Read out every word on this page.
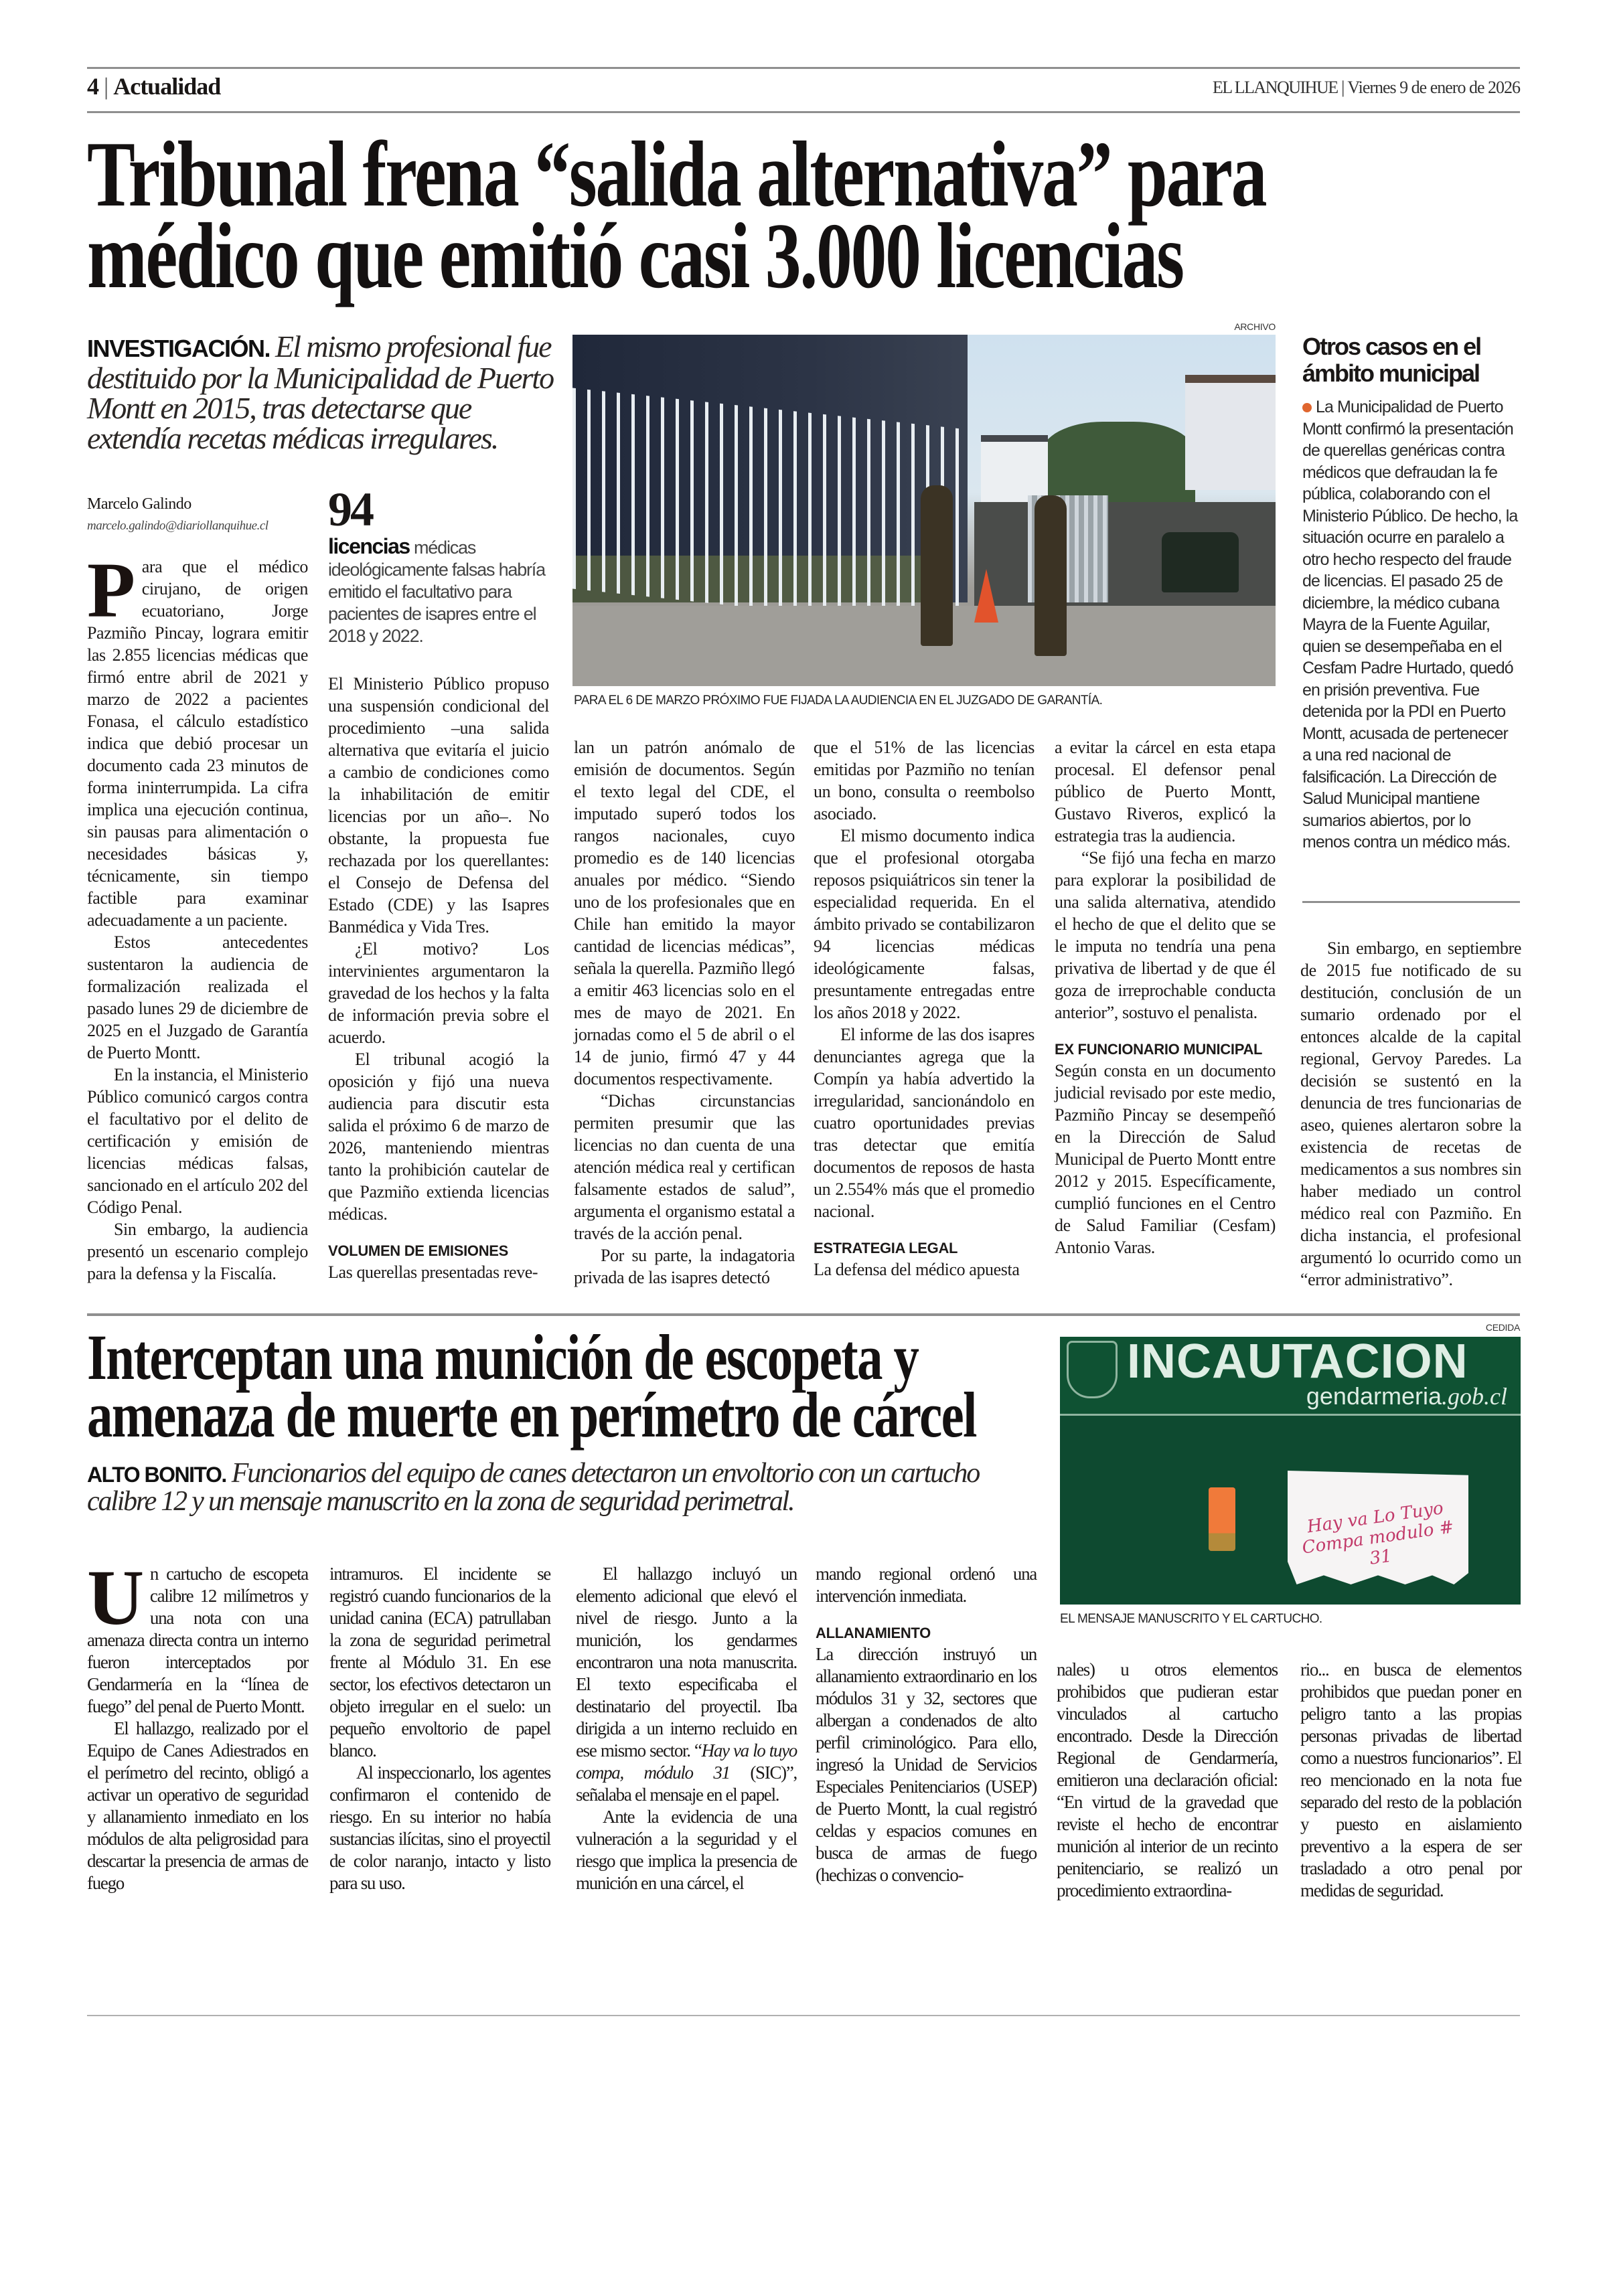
4 | Actualidad	EL LLANQUIHUE | Viernes 9 de enero de 2026
Tribunal frena “salida alternativa” para
médico que emitió casi 3.000 licencias
INVESTIGACIÓN. El mismo profesional fue destituido por la Municipalidad de Puerto Montt en 2015, tras detectarse que extendía recetas médicas irregulares.
Marcelo Galindo
marcelo.galindo@diariollanquihue.cl 94
licencias médicas ideológicamente falsas habría emitido el facultativo para pacientes de isapres entre el 2018 y 2022.

Para que el médico cirujano, de origen ecuatoriano, Jorge Pazmiño Pincay, lograra emitir las 2.855 licencias médicas que firmó entre abril de 2021 y marzo de 2022 a pacientes Fonasa, el cálculo estadístico indica que debió procesar un documento cada 23 minutos de forma ininterrumpida. La cifra implica una ejecución continua, sin pausas para alimentación o necesidades básicas y, técnicamente, sin tiempo factible para examinar adecuadamente a un paciente.

Estos antecedentes sustentaron la audiencia de formalización realizada el pasado lunes 29 de diciembre de 2025 en el Juzgado de Garantía de Puerto Montt.

En la instancia, el Ministerio Público comunicó cargos contra el facultativo por el delito de certificación y emisión de licencias médicas falsas, sancionado en el artículo 202 del Código Penal.

Sin embargo, la audiencia presentó un escenario complejo para la defensa y la Fiscalía.

El Ministerio Público propuso una suspensión condicional del procedimiento –una salida alternativa que evitaría el juicio a cambio de condiciones como la inhabilitación de emitir licencias por un año–. No obstante, la propuesta fue rechazada por los querellantes: el Consejo de Defensa del Estado (CDE) y las Isapres Banmédica y Vida Tres.

¿El motivo? Los intervinientes argumentaron la gravedad de los hechos y la falta de información previa sobre el acuerdo.

El tribunal acogió la oposición y fijó una nueva audiencia para discutir esta salida el próximo 6 de marzo de 2026, manteniendo mientras tanto la prohibición cautelar de que Pazmiño extienda licencias médicas.

VOLUMEN DE EMISIONES

Las querellas presentadas reve-

lan un patrón anómalo de emisión de documentos. Según el texto legal del CDE, el imputado superó todos los rangos nacionales, cuyo promedio es de 140 licencias anuales por médico. “Siendo uno de los profesionales que en Chile han emitido la mayor cantidad de licencias médicas”, señala la querella. Pazmiño llegó a emitir 463 licencias solo en el mes de mayo de 2021. En jornadas como el 5 de abril o el 14 de junio, firmó 47 y 44 documentos respectivamente.

“Dichas circunstancias permiten presumir que las licencias no dan cuenta de una atención médica real y certifican falsamente estados de salud”, argumenta el organismo estatal a través de la acción penal.

Por su parte, la indagatoria privada de las isapres detectó

que el 51% de las licencias emitidas por Pazmiño no tenían un bono, consulta o reembolso asociado.

El mismo documento indica que el profesional otorgaba reposos psiquiátricos sin tener la especialidad requerida. En el ámbito privado se contabilizaron 94 licencias médicas ideológicamente falsas, presuntamente entregadas entre los años 2018 y 2022.

El informe de las dos isapres denunciantes agrega que la Compín ya había advertido la irregularidad, sancionándolo en cuatro oportunidades previas tras detectar que emitía documentos de reposos de hasta un 2.554% más que el promedio nacional.

ESTRATEGIA LEGAL

La defensa del médico apuesta

a evitar la cárcel en esta etapa procesal. El defensor penal público de Puerto Montt, Gustavo Riveros, explicó la estrategia tras la audiencia.

“Se fijó una fecha en marzo para explorar la posibilidad de una salida alternativa, atendido el hecho de que el delito que se le imputa no tendría una pena privativa de libertad y de que él goza de irreprochable conducta anterior”, sostuvo el penalista.

EX FUNCIONARIO MUNICIPAL

Según consta en un documento judicial revisado por este medio, Pazmiño Pincay se desempeñó en la Dirección de Salud Municipal de Puerto Montt entre 2012 y 2015. Específicamente, cumplió funciones en el Centro de Salud Familiar (Cesfam) Antonio Varas.

Sin embargo, en septiembre de 2015 fue notificado de su destitución, conclusión de un sumario ordenado por el entonces alcalde de la capital regional, Gervoy Paredes. La decisión se sustentó en la denuncia de tres funcionarias de aseo, quienes alertaron sobre la existencia de recetas de medicamentos a sus nombres sin haber mediado un control médico real con Pazmiño. En dicha instancia, el profesional argumentó lo ocurrido como un “error administrativo”.

ARCHIVO
PARA EL 6 DE MARZO PRÓXIMO FUE FIJADA LA AUDIENCIA EN EL JUZGADO DE GARANTÍA.
Otros casos en el ámbito municipal
La Municipalidad de Puerto Montt confirmó la presentación de querellas genéricas contra médicos que defraudan la fe pública, colaborando con el Ministerio Público. De hecho, la situación ocurre en paralelo a otro hecho respecto del fraude de licencias. El pasado 25 de diciembre, la médico cubana Mayra de la Fuente Aguilar, quien se desempeñaba en el Cesfam Padre Hurtado, quedó en prisión preventiva. Fue detenida por la PDI en Puerto Montt, acusada de pertenecer a una red nacional de falsificación. La Dirección de Salud Municipal mantiene sumarios abiertos, por lo menos contra un médico más.
Interceptan una munición de escopeta y
amenaza de muerte en perímetro de cárcel
ALTO BONITO. Funcionarios del equipo de canes detectaron un envoltorio con un cartucho calibre 12 y un mensaje manuscrito en la zona de seguridad perimetral.
CEDIDA
INCAUTACION
gendarmeria.gob.cl
Hay va Lo Tuyo Compa modulo # 31
EL MENSAJE MANUSCRITO Y EL CARTUCHO.

Un cartucho de escopeta calibre 12 milímetros y una nota con una amenaza directa contra un interno fueron interceptados por Gendarmería en la “línea de fuego” del penal de Puerto Montt.

El hallazgo, realizado por el Equipo de Canes Adiestrados en el perímetro del recinto, obligó a activar un operativo de seguridad y allanamiento inmediato en los módulos de alta peligrosidad para descartar la presencia de armas de fuego

intramuros. El incidente se registró cuando funcionarios de la unidad canina (ECA) patrullaban la zona de seguridad perimetral frente al Módulo 31. En ese sector, los efectivos detectaron un objeto irregular en el suelo: un pequeño envoltorio de papel blanco.

Al inspeccionarlo, los agentes confirmaron el contenido de riesgo. En su interior no había sustancias ilícitas, sino el proyectil de color naranjo, intacto y listo para su uso.

El hallazgo incluyó un elemento adicional que elevó el nivel de riesgo. Junto a la munición, los gendarmes encontraron una nota manuscrita. El texto especificaba el destinatario del proyectil. Iba dirigida a un interno recluido en ese mismo sector. “Hay va lo tuyo compa, módulo 31 (SIC)”, señalaba el mensaje en el papel.

Ante la evidencia de una vulneración a la seguridad y el riesgo que implica la presencia de munición en una cárcel, el

mando regional ordenó una intervención inmediata.

ALLANAMIENTO

La dirección instruyó un allanamiento extraordinario en los módulos 31 y 32, sectores que albergan a condenados de alto perfil criminológico. Para ello, ingresó la Unidad de Servicios Especiales Penitenciarios (USEP) de Puerto Montt, la cual registró celdas y espacios comunes en busca de armas de fuego (hechizas o convencio-

nales) u otros elementos prohibidos que pudieran estar vinculados al cartucho encontrado. Desde la Dirección Regional de Gendarmería, emitieron una declaración oficial: “En virtud de la gravedad que reviste el hecho de encontrar munición al interior de un recinto penitenciario, se realizó un procedimiento extraordina-

rio... en busca de elementos prohibidos que puedan poner en peligro tanto a las propias personas privadas de libertad como a nuestros funcionarios”. El reo mencionado en la nota fue separado del resto de la población y puesto en aislamiento preventivo a la espera de ser trasladado a otro penal por medidas de seguridad.
